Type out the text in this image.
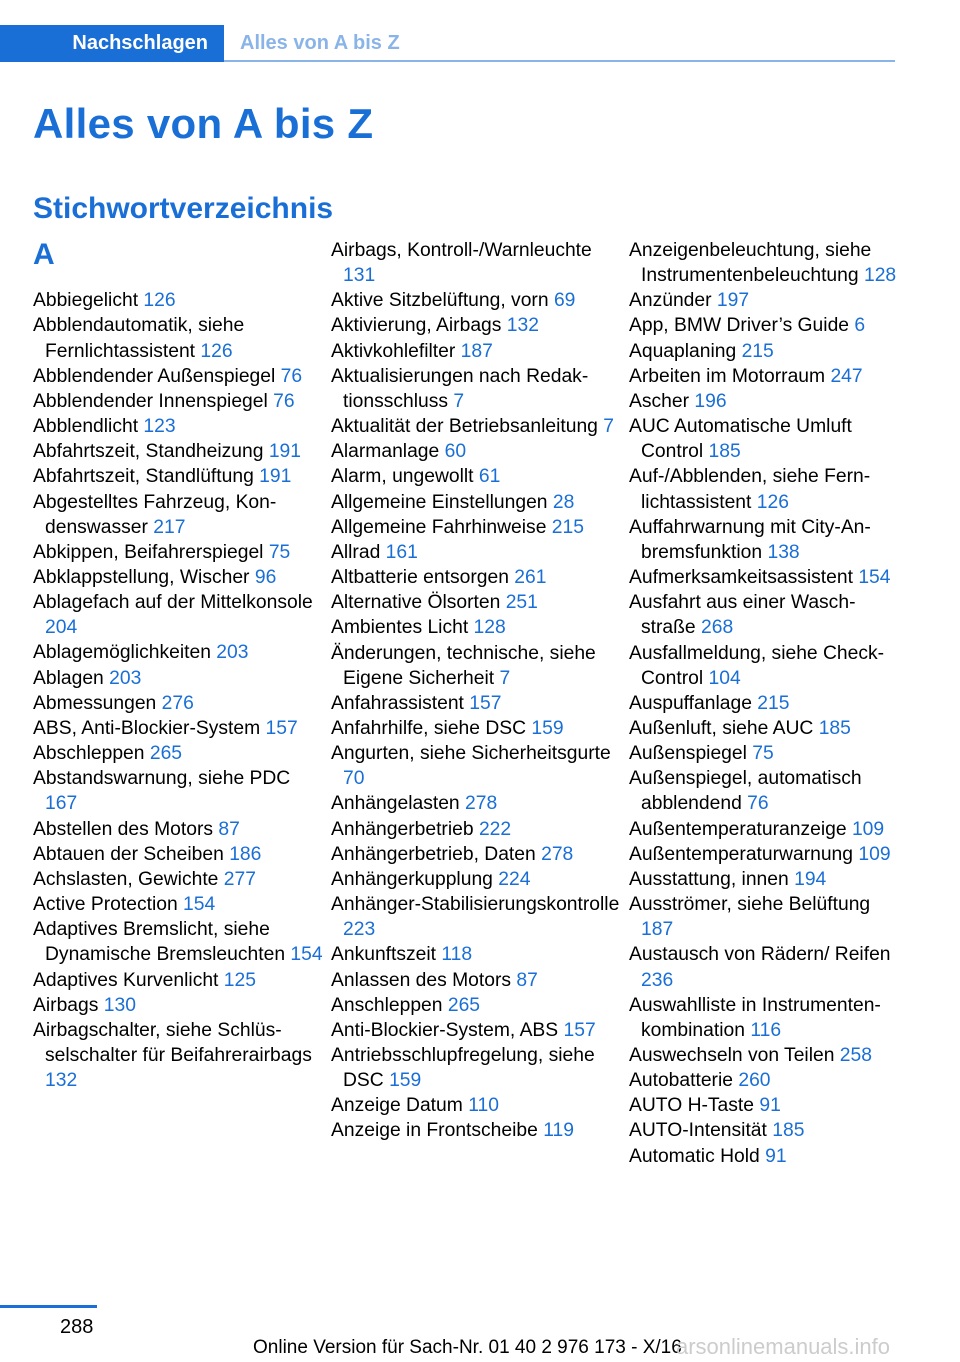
Nachschlagen Alles von A bis Z
Alles von A bis Z
Stichwortverzeichnis
A
Abbiegelicht 126
Abblendautomatik, siehe Fernlichtassistent 126
Abblendender Außenspiegel 76
Abblendender Innenspiegel 76
Abblendlicht 123
Abfahrtszeit, Standheizung 191
Abfahrtszeit, Standlüftung 191
Abgestelltes Fahrzeug, Kondenswasser 217
Abkippen, Beifahrerspiegel 75
Abklappstellung, Wischer 96
Ablagefach auf der Mittelkonsole 204
Ablagemöglichkeiten 203
Ablagen 203
Abmessungen 276
ABS, Anti-Blockier-System 157
Abschleppen 265
Abstandswarnung, siehe PDC 167
Abstellen des Motors 87
Abtauen der Scheiben 186
Achslasten, Gewichte 277
Active Protection 154
Adaptives Bremslicht, siehe Dynamische Bremsleuchten 154
Adaptives Kurvenlicht 125
Airbags 130
Airbagschalter, siehe Schlüsselschalter für Beifahrerairbags 132
Airbags, Kontroll-/Warnleuchte 131
Aktive Sitzbelüftung, vorn 69
Aktivierung, Airbags 132
Aktivkohlefilter 187
Aktualisierungen nach Redaktionsschluss 7
Aktualität der Betriebsanleitung 7
Alarmanlage 60
Alarm, ungewollt 61
Allgemeine Einstellungen 28
Allgemeine Fahrhinweise 215
Allrad 161
Altbatterie entsorgen 261
Alternative Ölsorten 251
Ambientes Licht 128
Änderungen, technische, siehe Eigene Sicherheit 7
Anfahrassistent 157
Anfahrhilfe, siehe DSC 159
Angurten, siehe Sicherheitsgurte 70
Anhängelasten 278
Anhängerbetrieb 222
Anhängerbetrieb, Daten 278
Anhängerkupplung 224
Anhänger-Stabilisierungskontrolle 223
Ankunftszeit 118
Anlassen des Motors 87
Anschleppen 265
Anti-Blockier-System, ABS 157
Antriebsschlupfregelung, siehe DSC 159
Anzeige Datum 110
Anzeige in Frontscheibe 119
Anzeigenbeleuchtung, siehe Instrumentenbeleuchtung 128
Anzünder 197
App, BMW Driver’s Guide 6
Aquaplaning 215
Arbeiten im Motorraum 247
Ascher 196
AUC Automatische Umluft Control 185
Auf-/Abblenden, siehe Fernlichtassistent 126
Auffahrwarnung mit City-Anbremsfunktion 138
Aufmerksamkeitsassistent 154
Ausfahrt aus einer Waschstraße 268
Ausfallmeldung, siehe Check-Control 104
Auspuffanlage 215
Außenluft, siehe AUC 185
Außenspiegel 75
Außenspiegel, automatisch abblendend 76
Außentemperaturanzeige 109
Außentemperaturwarnung 109
Ausstattung, innen 194
Ausströmer, siehe Belüftung 187
Austausch von Rädern/ Reifen 236
Auswahlliste in Instrumentenkombination 116
Auswechseln von Teilen 258
Autobatterie 260
AUTO H-Taste 91
AUTO-Intensität 185
Automatic Hold 91
288
Online Version für Sach-Nr. 01 40 2 976 173 - X/16
arsonlinemanuals.info
